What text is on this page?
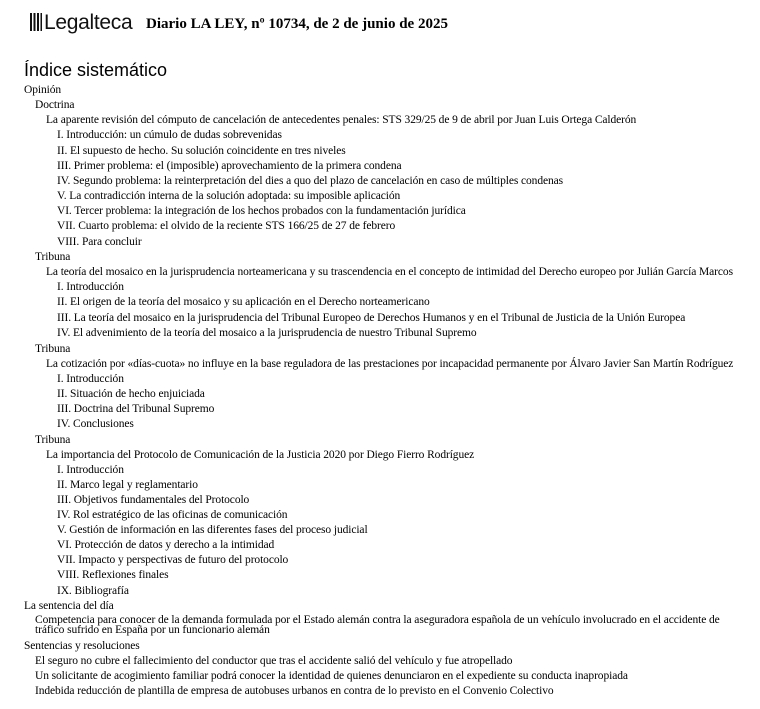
Legalteca Diario LA LEY, nº 10734, de 2 de junio de 2025
Índice sistemático
Opinión
Doctrina
La aparente revisión del cómputo de cancelación de antecedentes penales: STS 329/25 de 9 de abril por Juan Luis Ortega Calderón
I. Introducción: un cúmulo de dudas sobrevenidas
II. El supuesto de hecho. Su solución coincidente en tres niveles
III. Primer problema: el (imposible) aprovechamiento de la primera condena
IV. Segundo problema: la reinterpretación del dies a quo del plazo de cancelación en caso de múltiples condenas
V. La contradicción interna de la solución adoptada: su imposible aplicación
VI. Tercer problema: la integración de los hechos probados con la fundamentación jurídica
VII. Cuarto problema: el olvido de la reciente STS 166/25 de 27 de febrero
VIII. Para concluir
Tribuna
La teoría del mosaico en la jurisprudencia norteamericana y su trascendencia en el concepto de intimidad del Derecho europeo por Julián García Marcos
I. Introducción
II. El origen de la teoría del mosaico y su aplicación en el Derecho norteamericano
III. La teoría del mosaico en la jurisprudencia del Tribunal Europeo de Derechos Humanos y en el Tribunal de Justicia de la Unión Europea
IV. El advenimiento de la teoría del mosaico a la jurisprudencia de nuestro Tribunal Supremo
Tribuna
La cotización por «días-cuota» no influye en la base reguladora de las prestaciones por incapacidad permanente por Álvaro Javier San Martín Rodríguez
I. Introducción
II. Situación de hecho enjuiciada
III. Doctrina del Tribunal Supremo
IV. Conclusiones
Tribuna
La importancia del Protocolo de Comunicación de la Justicia 2020 por Diego Fierro Rodríguez
I. Introducción
II. Marco legal y reglamentario
III. Objetivos fundamentales del Protocolo
IV. Rol estratégico de las oficinas de comunicación
V. Gestión de información en las diferentes fases del proceso judicial
VI. Protección de datos y derecho a la intimidad
VII. Impacto y perspectivas de futuro del protocolo
VIII. Reflexiones finales
IX. Bibliografía
La sentencia del día
Competencia para conocer de la demanda formulada por el Estado alemán contra la aseguradora española de un vehículo involucrado en el accidente de tráfico sufrido en España por un funcionario alemán
Sentencias y resoluciones
El seguro no cubre el fallecimiento del conductor que tras el accidente salió del vehículo y fue atropellado
Un solicitante de acogimiento familiar podrá conocer la identidad de quienes denunciaron en el expediente su conducta inapropiada
Indebida reducción de plantilla de empresa de autobuses urbanos en contra de lo previsto en el Convenio Colectivo
